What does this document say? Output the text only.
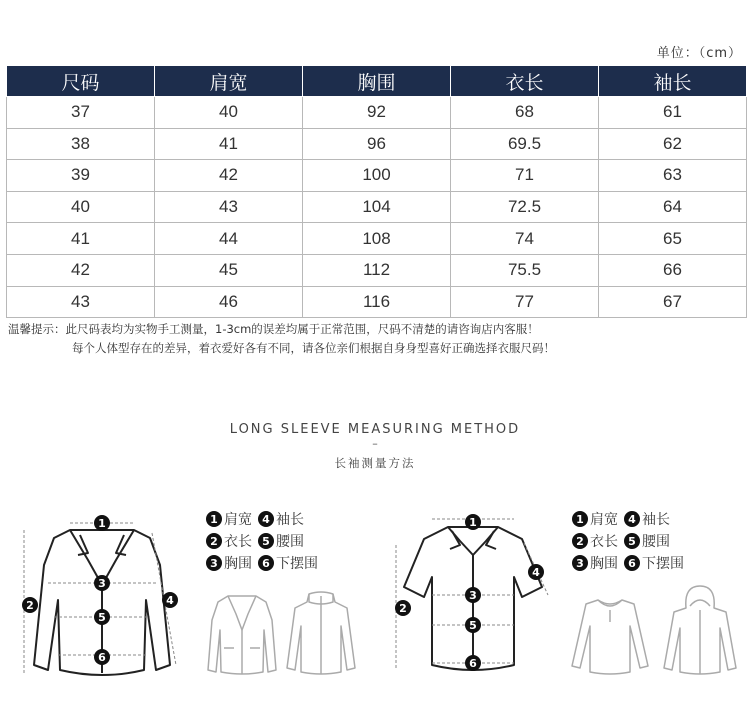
单位：（cm）
尺码	肩宽	胸围	衣长	袖长
37	40	92	68	61
38	41	96	69.5	62
39	42	100	71	63
40	43	104	72.5	64
41	44	108	74	65
42	45	112	75.5	66
43	46	116	77	67
温馨提示：此尺码表均为实物手工测量，1-3cm的误差均属于正常范围，尺码不清楚的请咨询店内客服！
每个人体型存在的差异，着衣爱好各有不同，请各位亲们根据自身身型喜好正确选择衣服尺码！
LONG SLEEVE MEASURING METHOD
–
长袖测量方法
1
2
3
4
5
6
1 肩宽 4 袖长
2 衣长 5 腰围
3 胸围 6 下摆围
1
2
3
4
5
6
1 肩宽 4 袖长
2 衣长 5 腰围
3 胸围 6 下摆围
